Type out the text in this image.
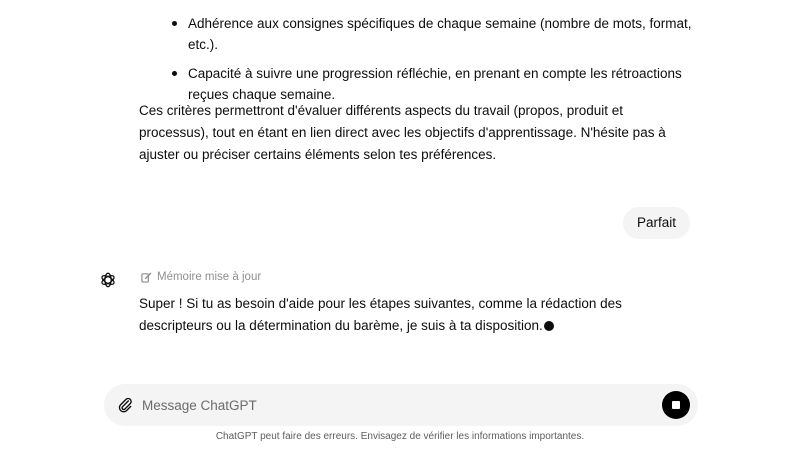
Adhérence aux consignes spécifiques de chaque semaine (nombre de mots, format, etc.).
Capacité à suivre une progression réfléchie, en prenant en compte les rétroactions reçues chaque semaine.

Ces critères permettront d'évaluer différents aspects du travail (propos, produit et processus), tout en étant en lien direct avec les objectifs d'apprentissage. N'hésite pas à ajuster ou préciser certains éléments selon tes préférences.

Parfait
Mémoire mise à jour

Super ! Si tu as besoin d'aide pour les étapes suivantes, comme la rédaction des descripteurs ou la détermination du barème, je suis à ta disposition.

Message ChatGPT
ChatGPT peut faire des erreurs. Envisagez de vérifier les informations importantes.
